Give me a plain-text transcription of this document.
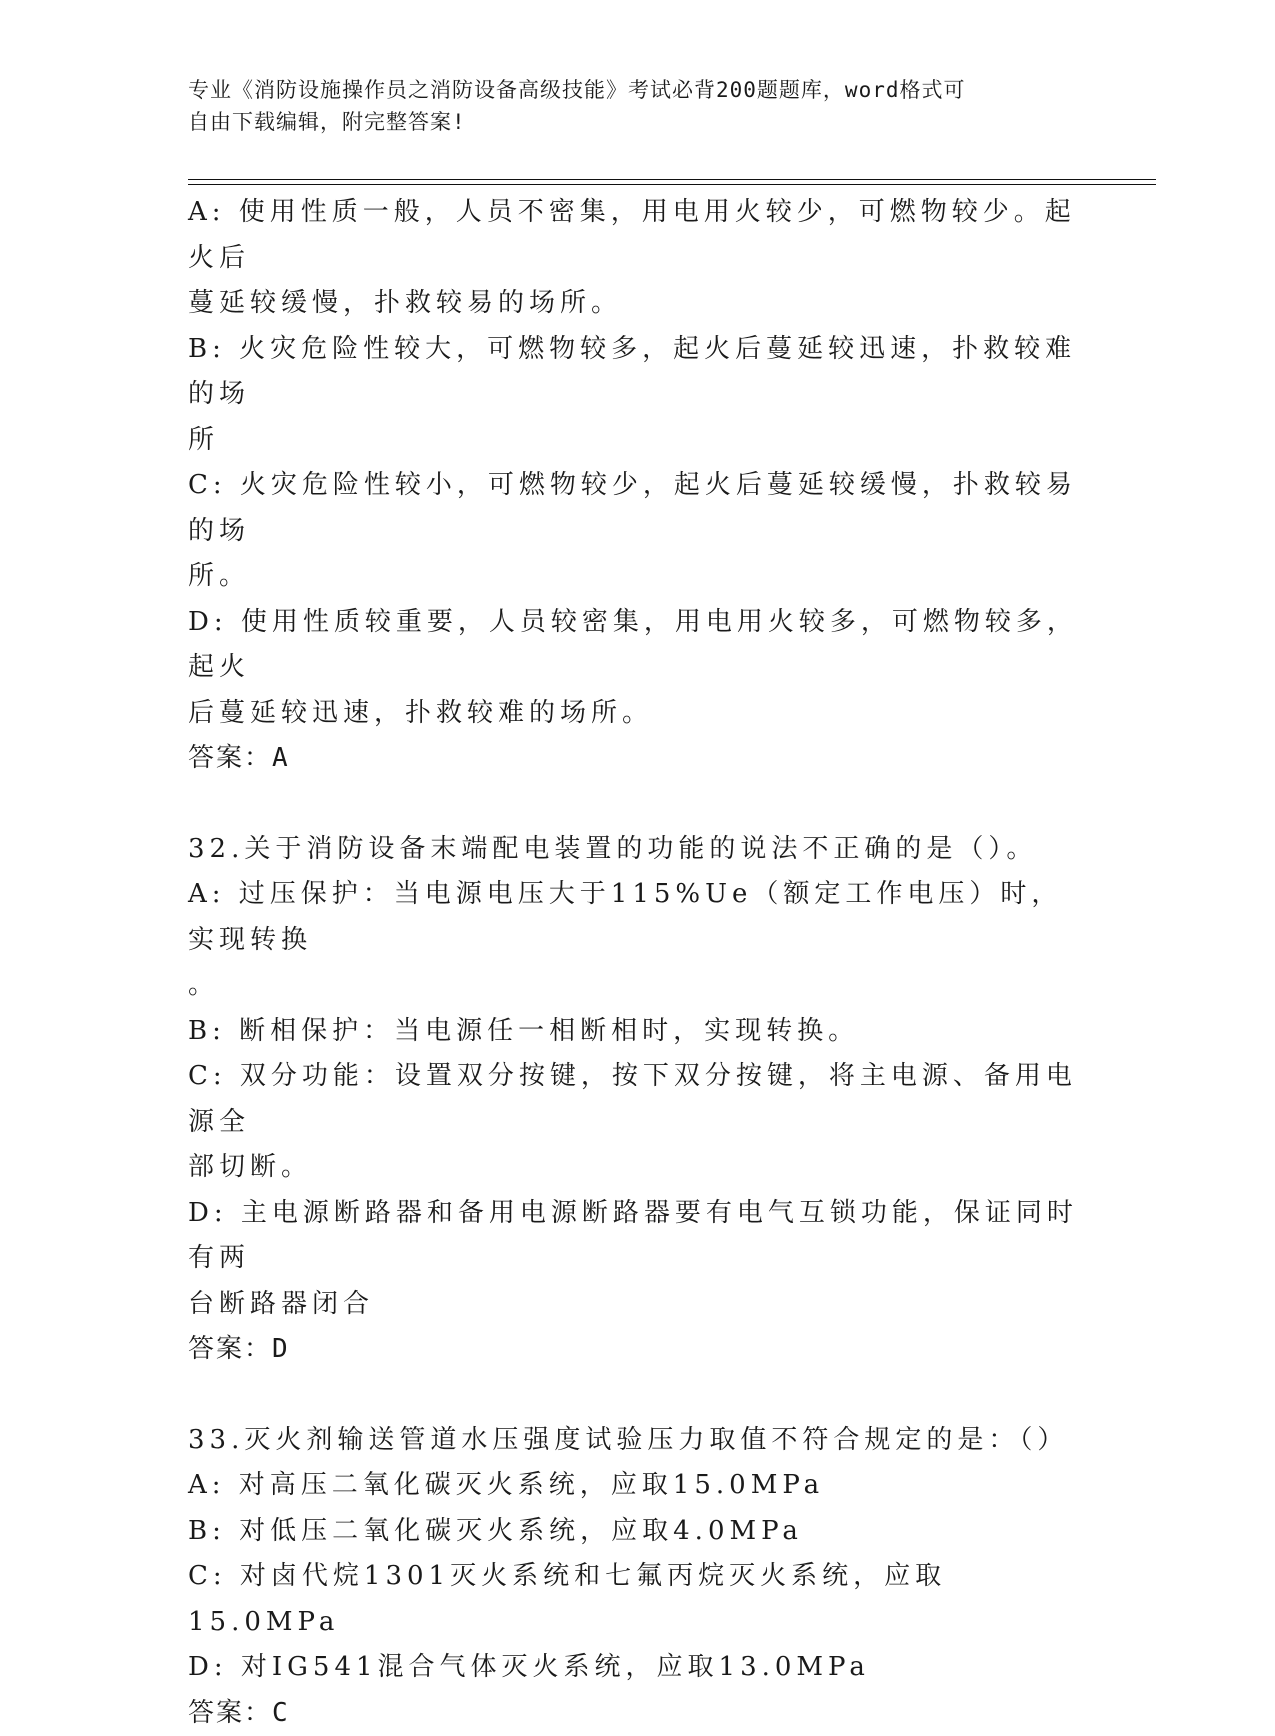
专业《消防设施操作员之消防设备高级技能》考试必背200题题库，word格式可
自由下载编辑，附完整答案!

A: 使用性质一般，人员不密集，用电用火较少，可燃物较少。起火后

蔓延较缓慢，扑救较易的场所。

B: 火灾危险性较大，可燃物较多，起火后蔓延较迅速，扑救较难的场

所

C: 火灾危险性较小，可燃物较少，起火后蔓延较缓慢，扑救较易的场

所。

D: 使用性质较重要，人员较密集，用电用火较多，可燃物较多，起火

后蔓延较迅速，扑救较难的场所。

答案：A

32.关于消防设备末端配电装置的功能的说法不正确的是（）。

A: 过压保护：当电源电压大于115%Ue（额定工作电压）时，实现转换

。

B: 断相保护：当电源任一相断相时，实现转换。

C: 双分功能：设置双分按键，按下双分按键，将主电源、备用电源全

部切断。

D: 主电源断路器和备用电源断路器要有电气互锁功能，保证同时有两

台断路器闭合

答案：D

33.灭火剂输送管道水压强度试验压力取值不符合规定的是：（）

A: 对高压二氧化碳灭火系统，应取15.0MPa

B: 对低压二氧化碳灭火系统，应取4.0MPa

C: 对卤代烷1301灭火系统和七氟丙烷灭火系统，应取15.0MPa

D: 对IG541混合气体灭火系统，应取13.0MPa

答案：C
